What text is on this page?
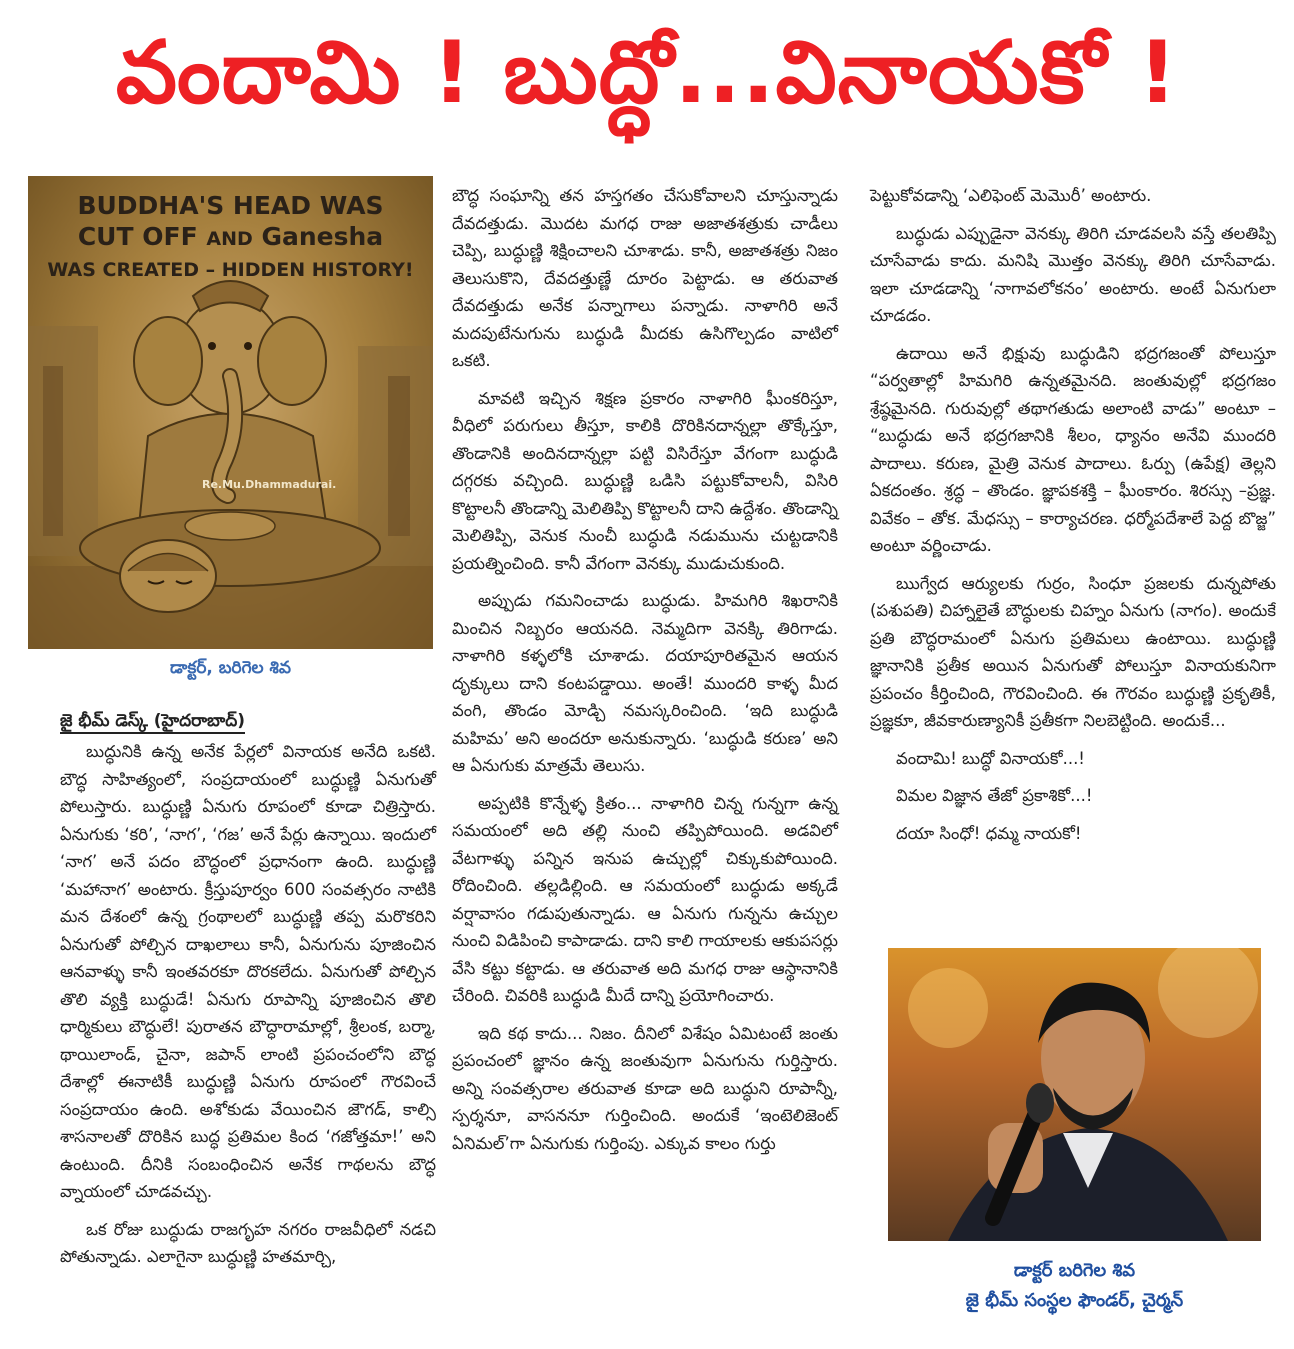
వందామి ! బుద్ధో...వినాయకో !
BUDDHA'S HEAD WAS
CUT OFF AND Ganesha
WAS CREATED – HIDDEN HISTORY!
Re.Mu.Dhammadurai.
డాక్టర్‌, బరిగెల శివ
జై భీమ్‌ డెస్క్‌ (హైదరాబాద్‌)

బుద్ధునికి ఉన్న అనేక పేర్లలో వినాయక అనేది ఒకటి. బౌద్ధ సాహిత్యంలో, సంప్రదాయంలో బుద్ధుణ్ణి ఏనుగుతో పోలుస్తారు. బుద్ధుణ్ణి ఏనుగు రూపంలో కూడా చిత్రిస్తారు. ఏనుగుకు ‘కరి’, ‘నాగ’, ‘గజ’ అనే పేర్లు ఉన్నాయి. ఇందులో ‘నాగ’ అనే పదం బౌద్ధంలో ప్రధానంగా ఉంది. బుద్ధుణ్ణి ‘మహానాగ’ అంటారు. క్రీస్తుపూర్వం 600 సంవత్సరం నాటికి మన దేశంలో ఉన్న గ్రంథాలలో బుద్ధుణ్ణి తప్ప మరొకరిని ఏనుగుతో పోల్చిన దాఖలాలు కానీ, ఏనుగును పూజించిన ఆనవాళ్ళు కానీ ఇంతవరకూ దొరకలేదు. ఏనుగుతో పోల్చిన తొలి వ్యక్తి బుద్ధుడే! ఏనుగు రూపాన్ని పూజించిన తొలి ధార్మికులు బౌద్ధులే! పురాతన బౌద్ధారామాల్లో, శ్రీలంక, బర్మా, థాయిలాండ్‌, చైనా, జపాన్‌ లాంటి ప్రపంచంలోని బౌద్ధ దేశాల్లో ఈనాటికీ బుద్ధుణ్ణి ఏనుగు రూపంలో గౌరవించే సంప్రదాయం ఉంది. అశోకుడు వేయించిన జౌగడ్‌, కాల్సి శాసనాలతో దొరికిన బుద్ధ ప్రతిమల కింద ‘గజోత్తమా!’ అని ఉంటుంది. దీనికి సంబంధించిన అనేక గాథలను బౌద్ధ వ్నాయంలో చూడవచ్చు.

ఒక రోజు బుద్ధుడు రాజగృహ నగరం రాజవీధిలో నడచి పోతున్నాడు. ఎలాగైనా బుద్ధుణ్ణి హతమార్చి,

బౌద్ధ సంఘాన్ని తన హస్తగతం చేసుకోవాలని చూస్తున్నాడు దేవదత్తుడు. మొదట మగధ రాజు అజాతశత్రుకు చాడీలు చెప్పి, బుద్ధుణ్ణి శిక్షించాలని చూశాడు. కానీ, అజాతశత్రు నిజం తెలుసుకొని, దేవదత్తుణ్ణే దూరం పెట్టాడు. ఆ తరువాత దేవదత్తుడు అనేక పన్నాగాలు పన్నాడు. నాళాగిరి అనే మదపుటేనుగును బుద్ధుడి మీదకు ఉసిగొల్పడం వాటిలో ఒకటి.

మావటి ఇచ్చిన శిక్షణ ప్రకారం నాళాగిరి ఘీంకరిస్తూ, వీధిలో పరుగులు తీస్తూ, కాలికి దొరికినదాన్నల్లా తొక్కేస్తూ, తొండానికి అందినదాన్నల్లా పట్టి విసిరేస్తూ వేగంగా బుద్ధుడి దగ్గరకు వచ్చింది. బుద్ధుణ్ణి ఒడిసి పట్టుకోవాలనీ, విసిరి కొట్టాలనీ తొండాన్ని మెలితిప్పి కొట్టాలనీ దాని ఉద్దేశం. తొండాన్ని మెలితిప్పి, వెనుక నుంచీ బుద్ధుడి నడుమును చుట్టడానికి ప్రయత్నించింది. కానీ వేగంగా వెనక్కు ముడుచుకుంది.

అప్పుడు గమనించాడు బుద్ధుడు. హిమగిరి శిఖరానికి మించిన నిబ్బరం ఆయనది. నెమ్మదిగా వెనక్కి తిరిగాడు. నాళాగిరి కళ్ళలోకి చూశాడు. దయాపూరితమైన ఆయన దృక్కులు దాని కంటపడ్డాయి. అంతే! ముందరి కాళ్ళ మీద వంగి, తొండం మోడ్చి నమస్కరించింది. ‘ఇది బుద్ధుడి మహిమ’ అని అందరూ అనుకున్నారు. ‘బుద్ధుడి కరుణ’ అని ఆ ఏనుగుకు మాత్రమే తెలుసు.

అప్పటికి కొన్నేళ్ళ క్రితం... నాళాగిరి చిన్న గున్నగా ఉన్న సమయంలో అది తల్లి నుంచి తప్పిపోయింది. అడవిలో వేటగాళ్ళు పన్నిన ఇనుప ఉచ్చుల్లో చిక్కుకుపోయింది. రోదించింది. తల్లడిల్లింది. ఆ సమయంలో బుద్ధుడు అక్కడే వర్షావాసం గడుపుతున్నాడు. ఆ ఏనుగు గున్నను ఉచ్చుల నుంచి విడిపించి కాపాడాడు. దాని కాలి గాయాలకు ఆకుపసర్లు వేసి కట్టు కట్టాడు. ఆ తరువాత అది మగధ రాజు ఆస్థానానికి చేరింది. చివరికి బుద్ధుడి మీదే దాన్ని ప్రయోగించారు.

ఇది కథ కాదు... నిజం. దీనిలో విశేషం ఏమిటంటే జంతు ప్రపంచంలో జ్ఞానం ఉన్న జంతువుగా ఏనుగును గుర్తిస్తారు. అన్ని సంవత్సరాల తరువాత కూడా అది బుద్ధుని రూపాన్నీ, స్పర్శనూ, వాసననూ గుర్తించింది. అందుకే ‘ఇంటెలిజెంట్‌ ఏనిమల్‌’గా ఏనుగుకు గుర్తింపు. ఎక్కువ కాలం గుర్తు

పెట్టుకోవడాన్ని ‘ఎలిఫెంట్‌ మెమొరీ’ అంటారు.

బుద్ధుడు ఎప్పుడైనా వెనక్కు తిరిగి చూడవలసి వస్తే తలతిప్పి చూసేవాడు కాదు. మనిషి మొత్తం వెనక్కు తిరిగి చూసేవాడు. ఇలా చూడడాన్ని ‘నాగావలోకనం’ అంటారు. అంటే ఏనుగులా చూడడం.

ఉదాయి అనే భిక్షువు బుద్ధుడిని భద్రగజంతో పోలుస్తూ “పర్వతాల్లో హిమగిరి ఉన్నతమైనది. జంతువుల్లో భద్రగజం శ్రేష్ఠమైనది. గురువుల్లో తథాగతుడు అలాంటి వాడు” అంటూ – “బుద్ధుడు అనే భద్రగజానికి శీలం, ధ్యానం అనేవి ముందరి పాదాలు. కరుణ, మైత్రి వెనుక పాదాలు. ఓర్పు (ఉపేక్ష) తెల్లని ఏకదంతం. శ్రద్ధ – తొండం. జ్ఞాపకశక్తి – ఘీంకారం. శిరస్సు –ప్రజ్ఞ. వివేకం – తోక. మేధస్సు – కార్యాచరణ. ధర్మోపదేశాలే పెద్ద బొజ్జ” అంటూ వర్ణించాడు.

ఋగ్వేద ఆర్యులకు గుర్రం, సింధూ ప్రజలకు దున్నపోతు (పశుపతి) చిహ్నాలైతే బౌద్ధులకు చిహ్నం ఏనుగు (నాగం). అందుకే ప్రతి బౌద్ధరామంలో ఏనుగు ప్రతిమలు ఉంటాయి. బుద్ధుణ్ణి జ్ఞానానికి ప్రతీక అయిన ఏనుగుతో పోలుస్తూ వినాయకునిగా ప్రపంచం కీర్తించింది, గౌరవించింది. ఈ గౌరవం బుద్ధుణ్ణి ప్రకృతికీ, ప్రజ్ఞకూ, జీవకారుణ్యానికీ ప్రతీకగా నిలబెట్టింది. అందుకే...

వందామి! బుద్ధో వినాయకో...!

విమల విజ్ఞాన తేజో ప్రకాశికో...!

దయా సింధో! ధమ్మ నాయకో!

డాక్టర్‌ బరిగెల శివ
జై భీమ్‌ సంస్థల ఫౌండర్‌, చైర్మన్‌
